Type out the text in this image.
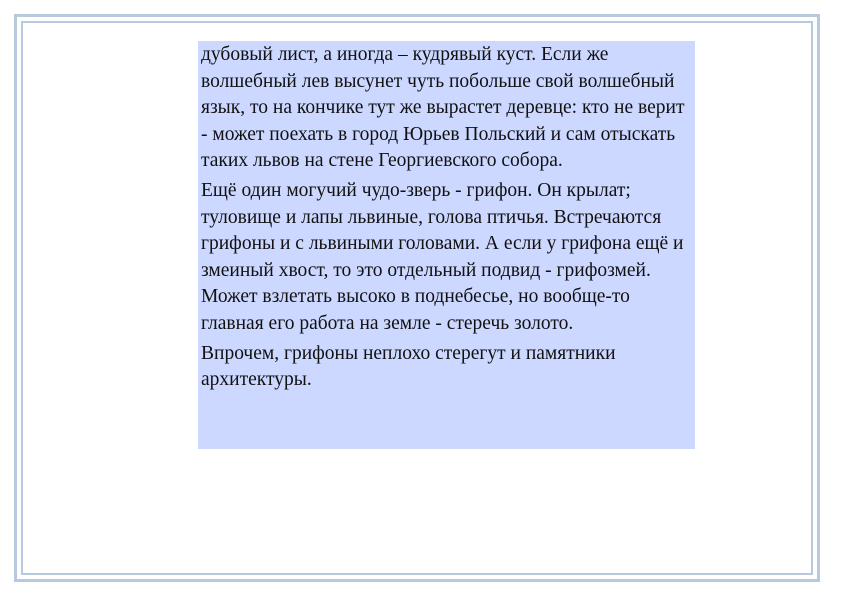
дубовый лист, а иногда – кудрявый куст. Если же волшебный лев высунет чуть побольше свой волшебный язык, то на кончике тут же вырастет деревце: кто не верит - может поехать в город Юрьев Польский и сам отыскать таких львов на стене Георгиевского собора.

Ещё один могучий чудо-зверь - грифон. Он крылат; туловище и лапы львиные, голова птичья. Встречаются грифоны и с львиными головами. А если у грифона ещё и змеиный хвост, то это отдельный подвид - грифозмей. Может взлетать высоко в поднебесье, но вообще-то главная его работа на земле - стеречь золото.

Впрочем, грифоны неплохо стерегут и памятники архитектуры.
